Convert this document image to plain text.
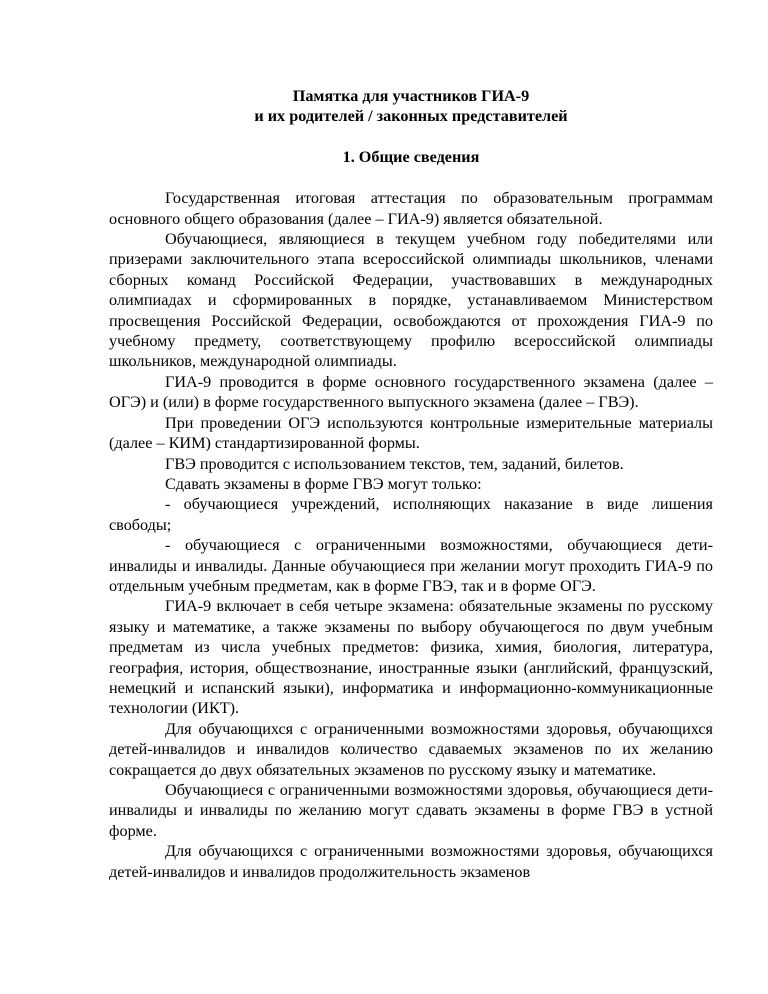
Памятка для участников ГИА-9

и их родителей / законных представителей

1. Общие сведения

Государственная итоговая аттестация по образовательным программам основного общего образования (далее – ГИА-9) является обязательной.

Обучающиеся, являющиеся в текущем учебном году победителями или призерами заключительного этапа всероссийской олимпиады школьников, членами сборных команд Российской Федерации, участвовавших в международных олимпиадах и сформированных в порядке, устанавливаемом Министерством просвещения Российской Федерации, освобождаются от прохождения ГИА-9 по учебному предмету, соответствующему профилю всероссийской олимпиады школьников, международной олимпиады.

ГИА-9 проводится в форме основного государственного экзамена (далее – ОГЭ) и (или) в форме государственного выпускного экзамена (далее – ГВЭ).

При проведении ОГЭ используются контрольные измерительные материалы (далее – КИМ) стандартизированной формы.

ГВЭ проводится с использованием текстов, тем, заданий, билетов.

Сдавать экзамены в форме ГВЭ могут только:

- обучающиеся учреждений, исполняющих наказание в виде лишения свободы;

- обучающиеся с ограниченными возможностями, обучающиеся дети-инвалиды и инвалиды. Данные обучающиеся при желании могут проходить ГИА-9 по отдельным учебным предметам, как в форме ГВЭ, так и в форме ОГЭ.

ГИА-9 включает в себя четыре экзамена: обязательные экзамены по русскому языку и математике, а также экзамены по выбору обучающегося по двум учебным предметам из числа учебных предметов: физика, химия, биология, литература, география, история, обществознание, иностранные языки (английский, французский, немецкий и испанский языки), информатика и информационно-коммуникационные технологии (ИКТ).

Для обучающихся с ограниченными возможностями здоровья, обучающихся детей-инвалидов и инвалидов количество сдаваемых экзаменов по их желанию сокращается до двух обязательных экзаменов по русскому языку и математике.

Обучающиеся с ограниченными возможностями здоровья, обучающиеся дети-инвалиды и инвалиды по желанию могут сдавать экзамены в форме ГВЭ в устной форме.

Для обучающихся с ограниченными возможностями здоровья, обучающихся детей-инвалидов и инвалидов продолжительность экзаменов
